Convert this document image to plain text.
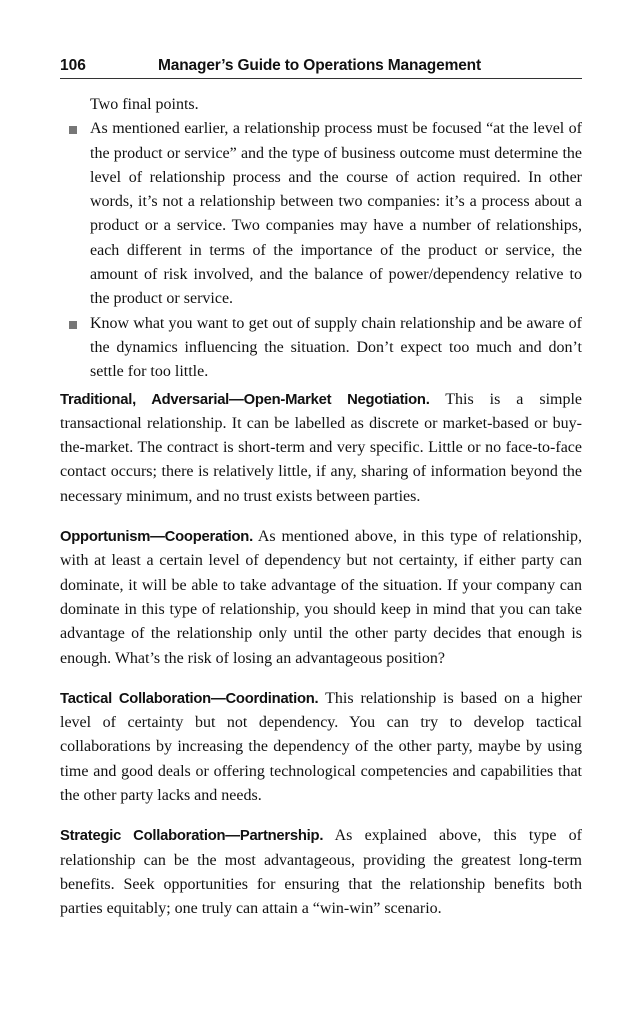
106	Manager’s Guide to Operations Management

Two final points.

As mentioned earlier, a relationship process must be focused “at the level of the product or service” and the type of business outcome must determine the level of relationship process and the course of action required. In other words, it’s not a relationship between two companies: it’s a process about a product or a service. Two companies may have a number of relationships, each different in terms of the importance of the product or service, the amount of risk involved, and the balance of power/dependency relative to the product or service.
Know what you want to get out of supply chain relationship and be aware of the dynamics influencing the situation. Don’t expect too much and don’t settle for too little.

Traditional, Adversarial—Open-Market Negotiation. This is a simple transactional relationship. It can be labelled as discrete or market-based or buy-the-market. The contract is short-term and very specific. Little or no face-to-face contact occurs; there is relatively little, if any, sharing of information beyond the necessary minimum, and no trust exists between parties.

Opportunism—Cooperation. As mentioned above, in this type of relationship, with at least a certain level of dependency but not certainty, if either party can dominate, it will be able to take advantage of the situation. If your company can dominate in this type of relationship, you should keep in mind that you can take advantage of the relationship only until the other party decides that enough is enough. What’s the risk of losing an advantageous position?

Tactical Collaboration—Coordination. This relationship is based on a higher level of certainty but not dependency. You can try to develop tactical collaborations by increasing the dependency of the other party, maybe by using time and good deals or offering technological competencies and capabilities that the other party lacks and needs.

Strategic Collaboration—Partnership. As explained above, this type of relationship can be the most advantageous, providing the greatest long-term benefits. Seek opportunities for ensuring that the relationship benefits both parties equitably; one truly can attain a “win-win” scenario.
